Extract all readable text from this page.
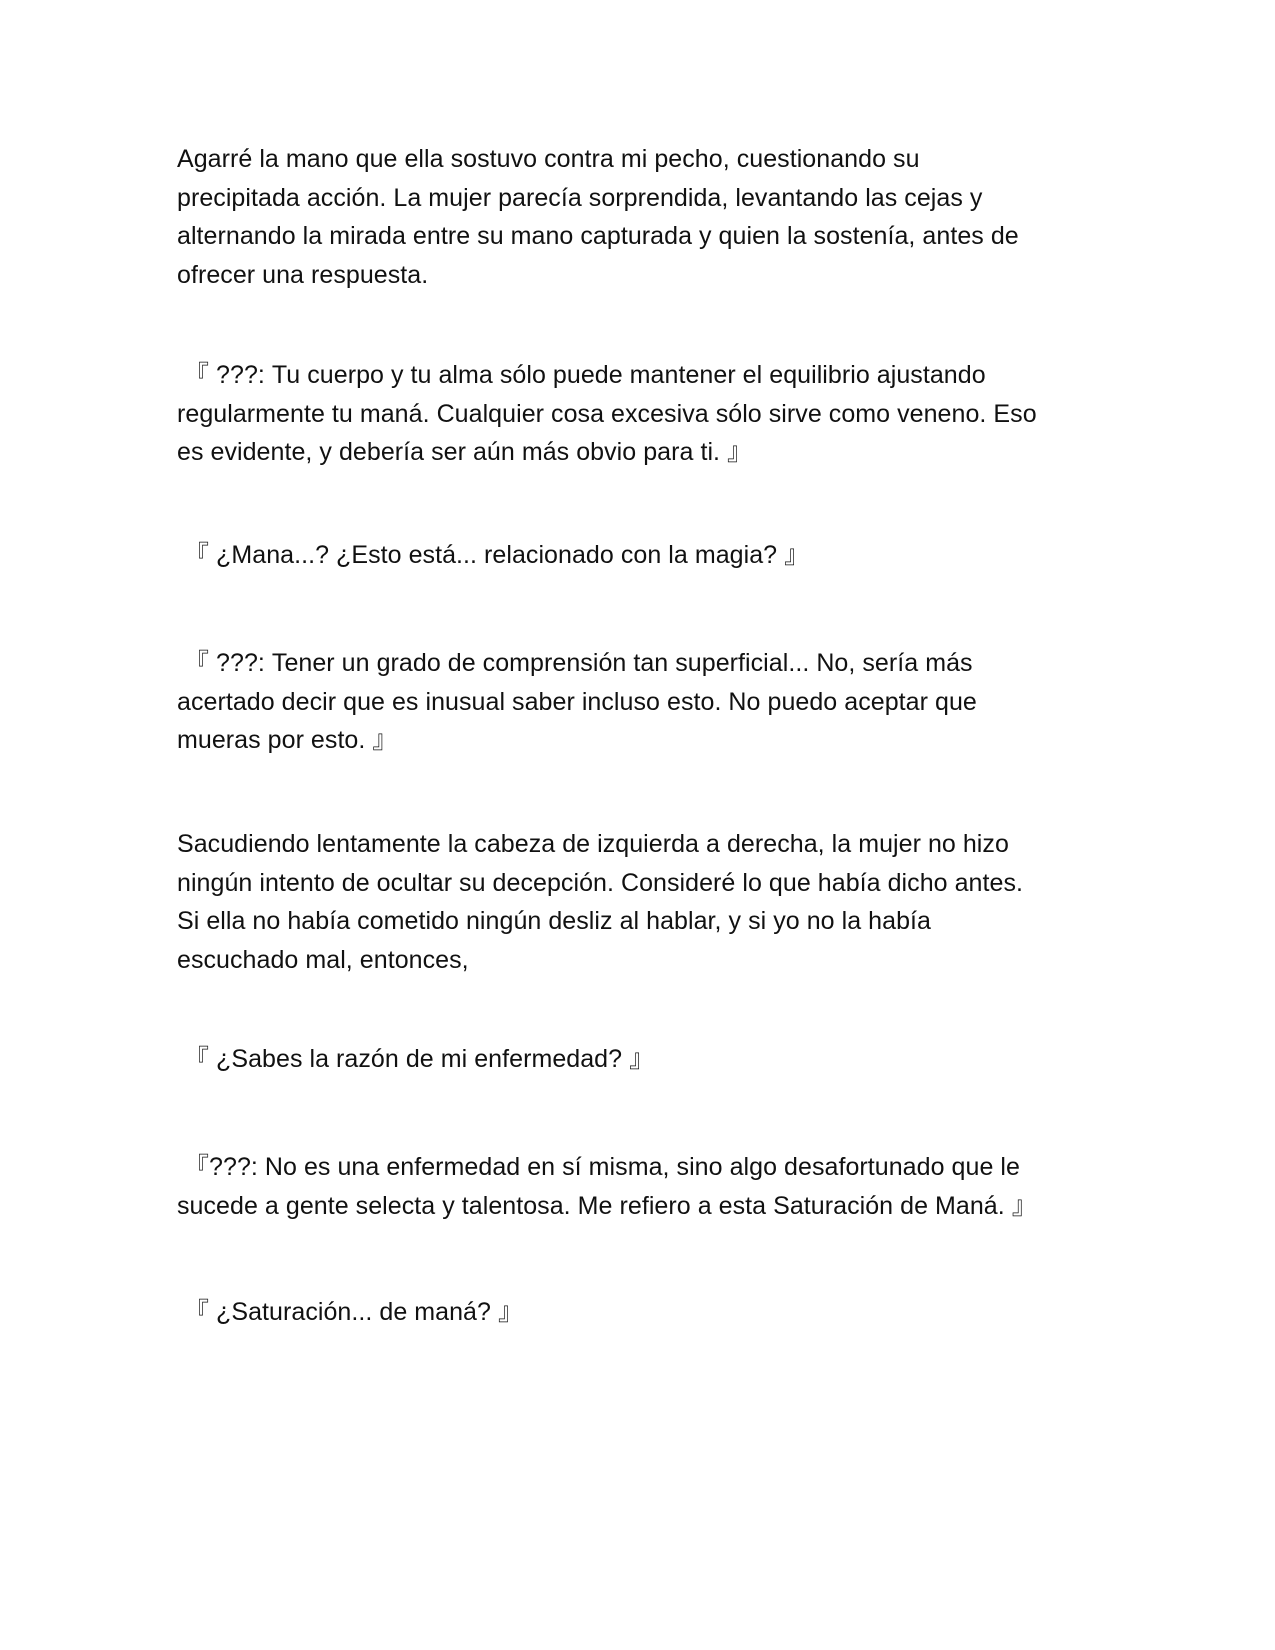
Agarré la mano que ella sostuvo contra mi pecho, cuestionando su
precipitada acción. La mujer parecía sorprendida, levantando las cejas y
alternando la mirada entre su mano capturada y quien la sostenía, antes de
ofrecer una respuesta.

『 ???: Tu cuerpo y tu alma sólo puede mantener el equilibrio ajustando
regularmente tu maná. Cualquier cosa excesiva sólo sirve como veneno. Eso
es evidente, y debería ser aún más obvio para ti. 』

『 ¿Mana...? ¿Esto está... relacionado con la magia? 』

『 ???: Tener un grado de comprensión tan superficial... No, sería más
acertado decir que es inusual saber incluso esto. No puedo aceptar que
mueras por esto. 』

Sacudiendo lentamente la cabeza de izquierda a derecha, la mujer no hizo
ningún intento de ocultar su decepción. Consideré lo que había dicho antes.
Si ella no había cometido ningún desliz al hablar, y si yo no la había
escuchado mal, entonces,

『 ¿Sabes la razón de mi enfermedad? 』

『???: No es una enfermedad en sí misma, sino algo desafortunado que le
sucede a gente selecta y talentosa. Me refiero a esta Saturación de Maná. 』

『 ¿Saturación... de maná? 』
